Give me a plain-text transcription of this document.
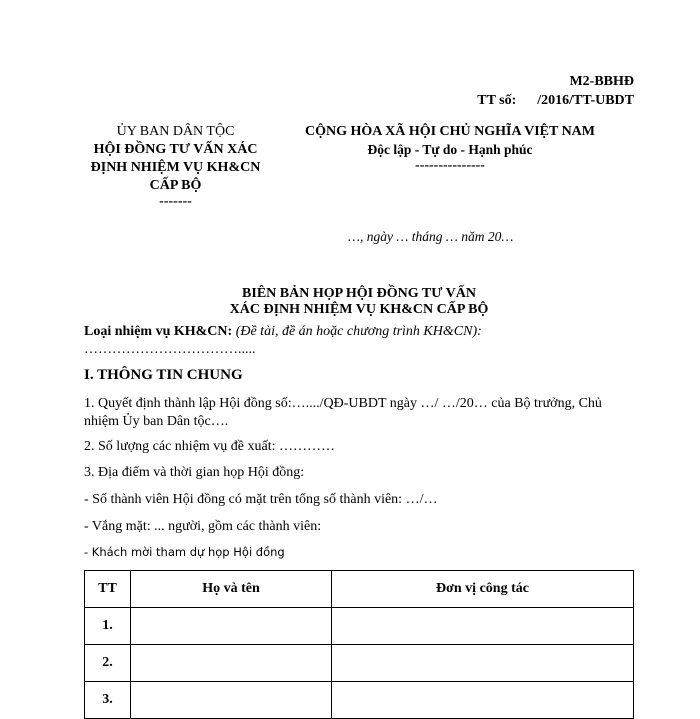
M2-BBHĐ
TT số:      /2016/TT-UBDT
ỦY BAN DÂN TỘC
HỘI ĐỒNG TƯ VẤN XÁC
ĐỊNH NHIỆM VỤ KH&CN
CẤP BỘ
-------
CỘNG HÒA XÃ HỘI CHỦ NGHĨA VIỆT NAM
Độc lập - Tự do - Hạnh phúc
---------------
…, ngày … tháng … năm 20…
BIÊN BẢN HỌP HỘI ĐỒNG TƯ VẤN
XÁC ĐỊNH NHIỆM VỤ KH&CN CẤP BỘ
Loại nhiệm vụ KH&CN: (Đề tài, đề án hoặc chương trình KH&CN):
…………………………….....
I. THÔNG TIN CHUNG
1. Quyết định thành lập Hội đồng số:…..../QĐ-UBDT ngày …/ …/20… của Bộ trưởng, Chủ
nhiệm Ủy ban Dân tộc….
2. Số lượng các nhiệm vụ đề xuất: …………
3. Địa điểm và thời gian họp Hội đồng:
- Số thành viên Hội đồng có mặt trên tổng số thành viên: …/…
- Vắng mặt: ... người, gồm các thành viên:
- Khách mời tham dự họp Hội đồng
TT	Họ và tên	Đơn vị công tác
1.		
2.		
3.		
